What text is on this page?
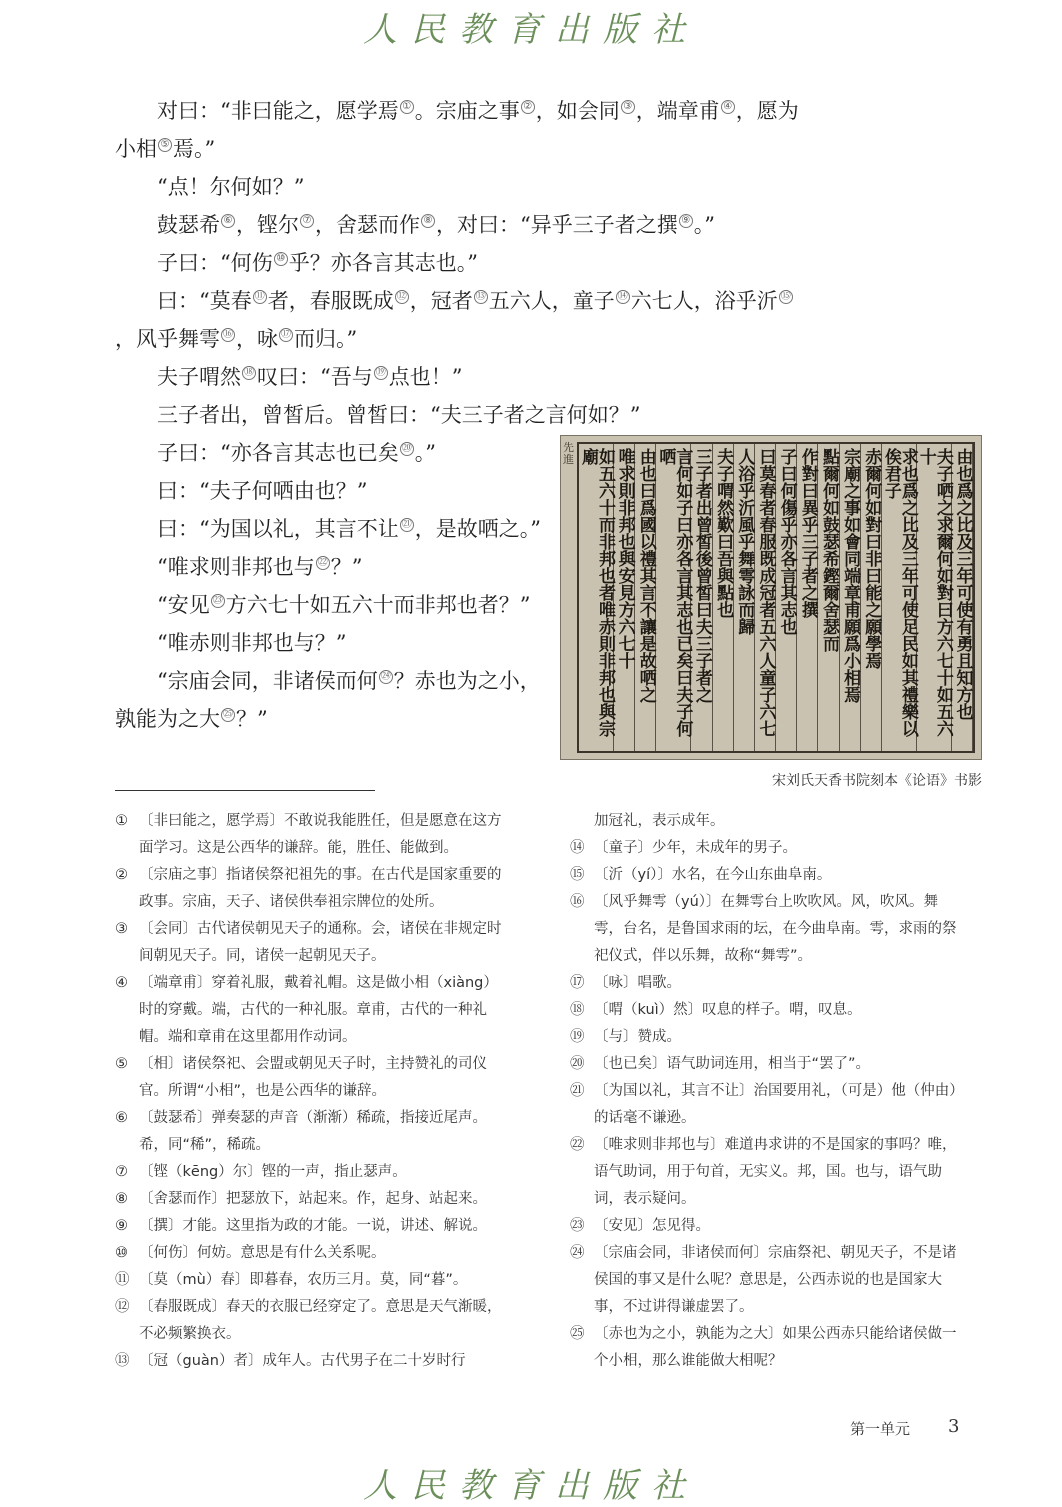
人民教育出版社

对曰：“非曰能之，愿学焉 ① 。宗庙之事 ② ，如会同 ③ ，端章甫 ④ ，愿为小相 ⑤ 焉。”

“点！尔何如？”

鼓瑟希 ⑥ ，铿尔 ⑦ ，舍瑟而作 ⑧ ，对曰：“异乎三子者之撰 ⑨ 。”

子曰：“何伤 ⑩ 乎？亦各言其志也。”

曰：“莫春 ⑪ 者，春服既成 ⑫ ，冠者 ⑬ 五六人，童子 ⑭ 六七人，浴乎沂 ⑮，风乎舞雩 ⑯ ，咏 ⑰ 而归。”

夫子喟然 ⑱ 叹曰：“吾与 ⑲ 点也！”

三子者出，曾皙后。曾皙曰：“夫三子者之言何如？”

子曰：“亦各言其志也已矣 ⑳ 。”

曰：“夫子何哂由也？”

曰：“为国以礼，其言不让 $^㉑$ ，是故哂之。”

“唯求则非邦也与 $^㉒$ ？”

“安见 $^㉓$ 方六七十如五六十而非邦也者？”

“唯赤则非邦也与？”

“宗庙会同，非诸侯而何 $^㉔$ ？赤也为之小，孰能为之大 $^㉕$ ？”

先進	如五六十而非邦也者唯赤則非邦也與宗廟 唯求則非邦也與安見方六七十 由也曰爲國以禮其言不讓是故哂之 言何如子曰亦各言其志也已矣曰夫子何哂 三子者出曾皙後曾皙曰夫三子者之 夫子喟然歎曰吾與點也 人浴乎沂風乎舞雩詠而歸 曰莫春者春服既成冠者五六人童子六七 子曰何傷乎亦各言其志也 作對曰異乎三子者之撰 點爾何如鼓瑟希鏗爾舍瑟而 宗廟之事如會同端章甫願爲小相焉 赤爾何如對曰非曰能之願學焉 求也爲之比及三年可使足民如其禮樂以俟君子	夫子哂之求爾何如對曰方六七十如五六十 由也爲之比及三年可使有勇且知方也
宋刘氏天香书院刻本《论语》书影
① 〔非曰能之，愿学焉〕不敢说我能胜任，但是愿意在这方面学习。这是公西华的谦辞。能，胜任、能做到。
② 〔宗庙之事〕指诸侯祭祀祖先的事。在古代是国家重要的政事。宗庙，天子、诸侯供奉祖宗牌位的处所。
③ 〔会同〕古代诸侯朝见天子的通称。会，诸侯在非规定时间朝见天子。同，诸侯一起朝见天子。
④ 〔端章甫〕穿着礼服，戴着礼帽。这是做小相（xiàng）时的穿戴。端，古代的一种礼服。章甫，古代的一种礼帽。端和章甫在这里都用作动词。
⑤ 〔相〕诸侯祭祀、会盟或朝见天子时，主持赞礼的司仪官。所谓“小相”，也是公西华的谦辞。
⑥ 〔鼓瑟希〕弹奏瑟的声音（渐渐）稀疏，指接近尾声。希，同“稀”，稀疏。
⑦ 〔铿（kēng）尔〕铿的一声，指止瑟声。
⑧ 〔舍瑟而作〕把瑟放下，站起来。作，起身、站起来。
⑨ 〔撰〕才能。这里指为政的才能。一说，讲述、解说。
⑩ 〔何伤〕何妨。意思是有什么关系呢。
⑪ 〔莫（mù）春〕即暮春，农历三月。莫，同“暮”。
⑫ 〔春服既成〕春天的衣服已经穿定了。意思是天气渐暖，不必频繁换衣。
⑬ 〔冠（guàn）者〕成年人。古代男子在二十岁时行
加冠礼，表示成年。
⑭ 〔童子〕少年，未成年的男子。
⑮ 〔沂（yí）〕水名，在今山东曲阜南。
⑯ 〔风乎舞雩（yú）〕在舞雩台上吹吹风。风，吹风。舞雩，台名，是鲁国求雨的坛，在今曲阜南。雩，求雨的祭祀仪式，伴以乐舞，故称“舞雩”。
⑰ 〔咏〕唱歌。
⑱ 〔喟（kuì）然〕叹息的样子。喟，叹息。
⑲ 〔与〕赞成。
⑳ 〔也已矣〕语气助词连用，相当于“罢了”。
㉑ 〔为国以礼，其言不让〕治国要用礼，（可是）他（仲由）的话毫不谦逊。
㉒ 〔唯求则非邦也与〕难道冉求讲的不是国家的事吗？唯，语气助词，用于句首，无实义。邦，国。也与，语气助词，表示疑问。
㉓ 〔安见〕怎见得。
㉔ 〔宗庙会同，非诸侯而何〕宗庙祭祀、朝见天子，不是诸侯国的事又是什么呢？意思是，公西赤说的也是国家大事，不过讲得谦虚罢了。
㉕ 〔赤也为之小，孰能为之大〕如果公西赤只能给诸侯做一个小相，那么谁能做大相呢？
第一单元 3
人民教育出版社
